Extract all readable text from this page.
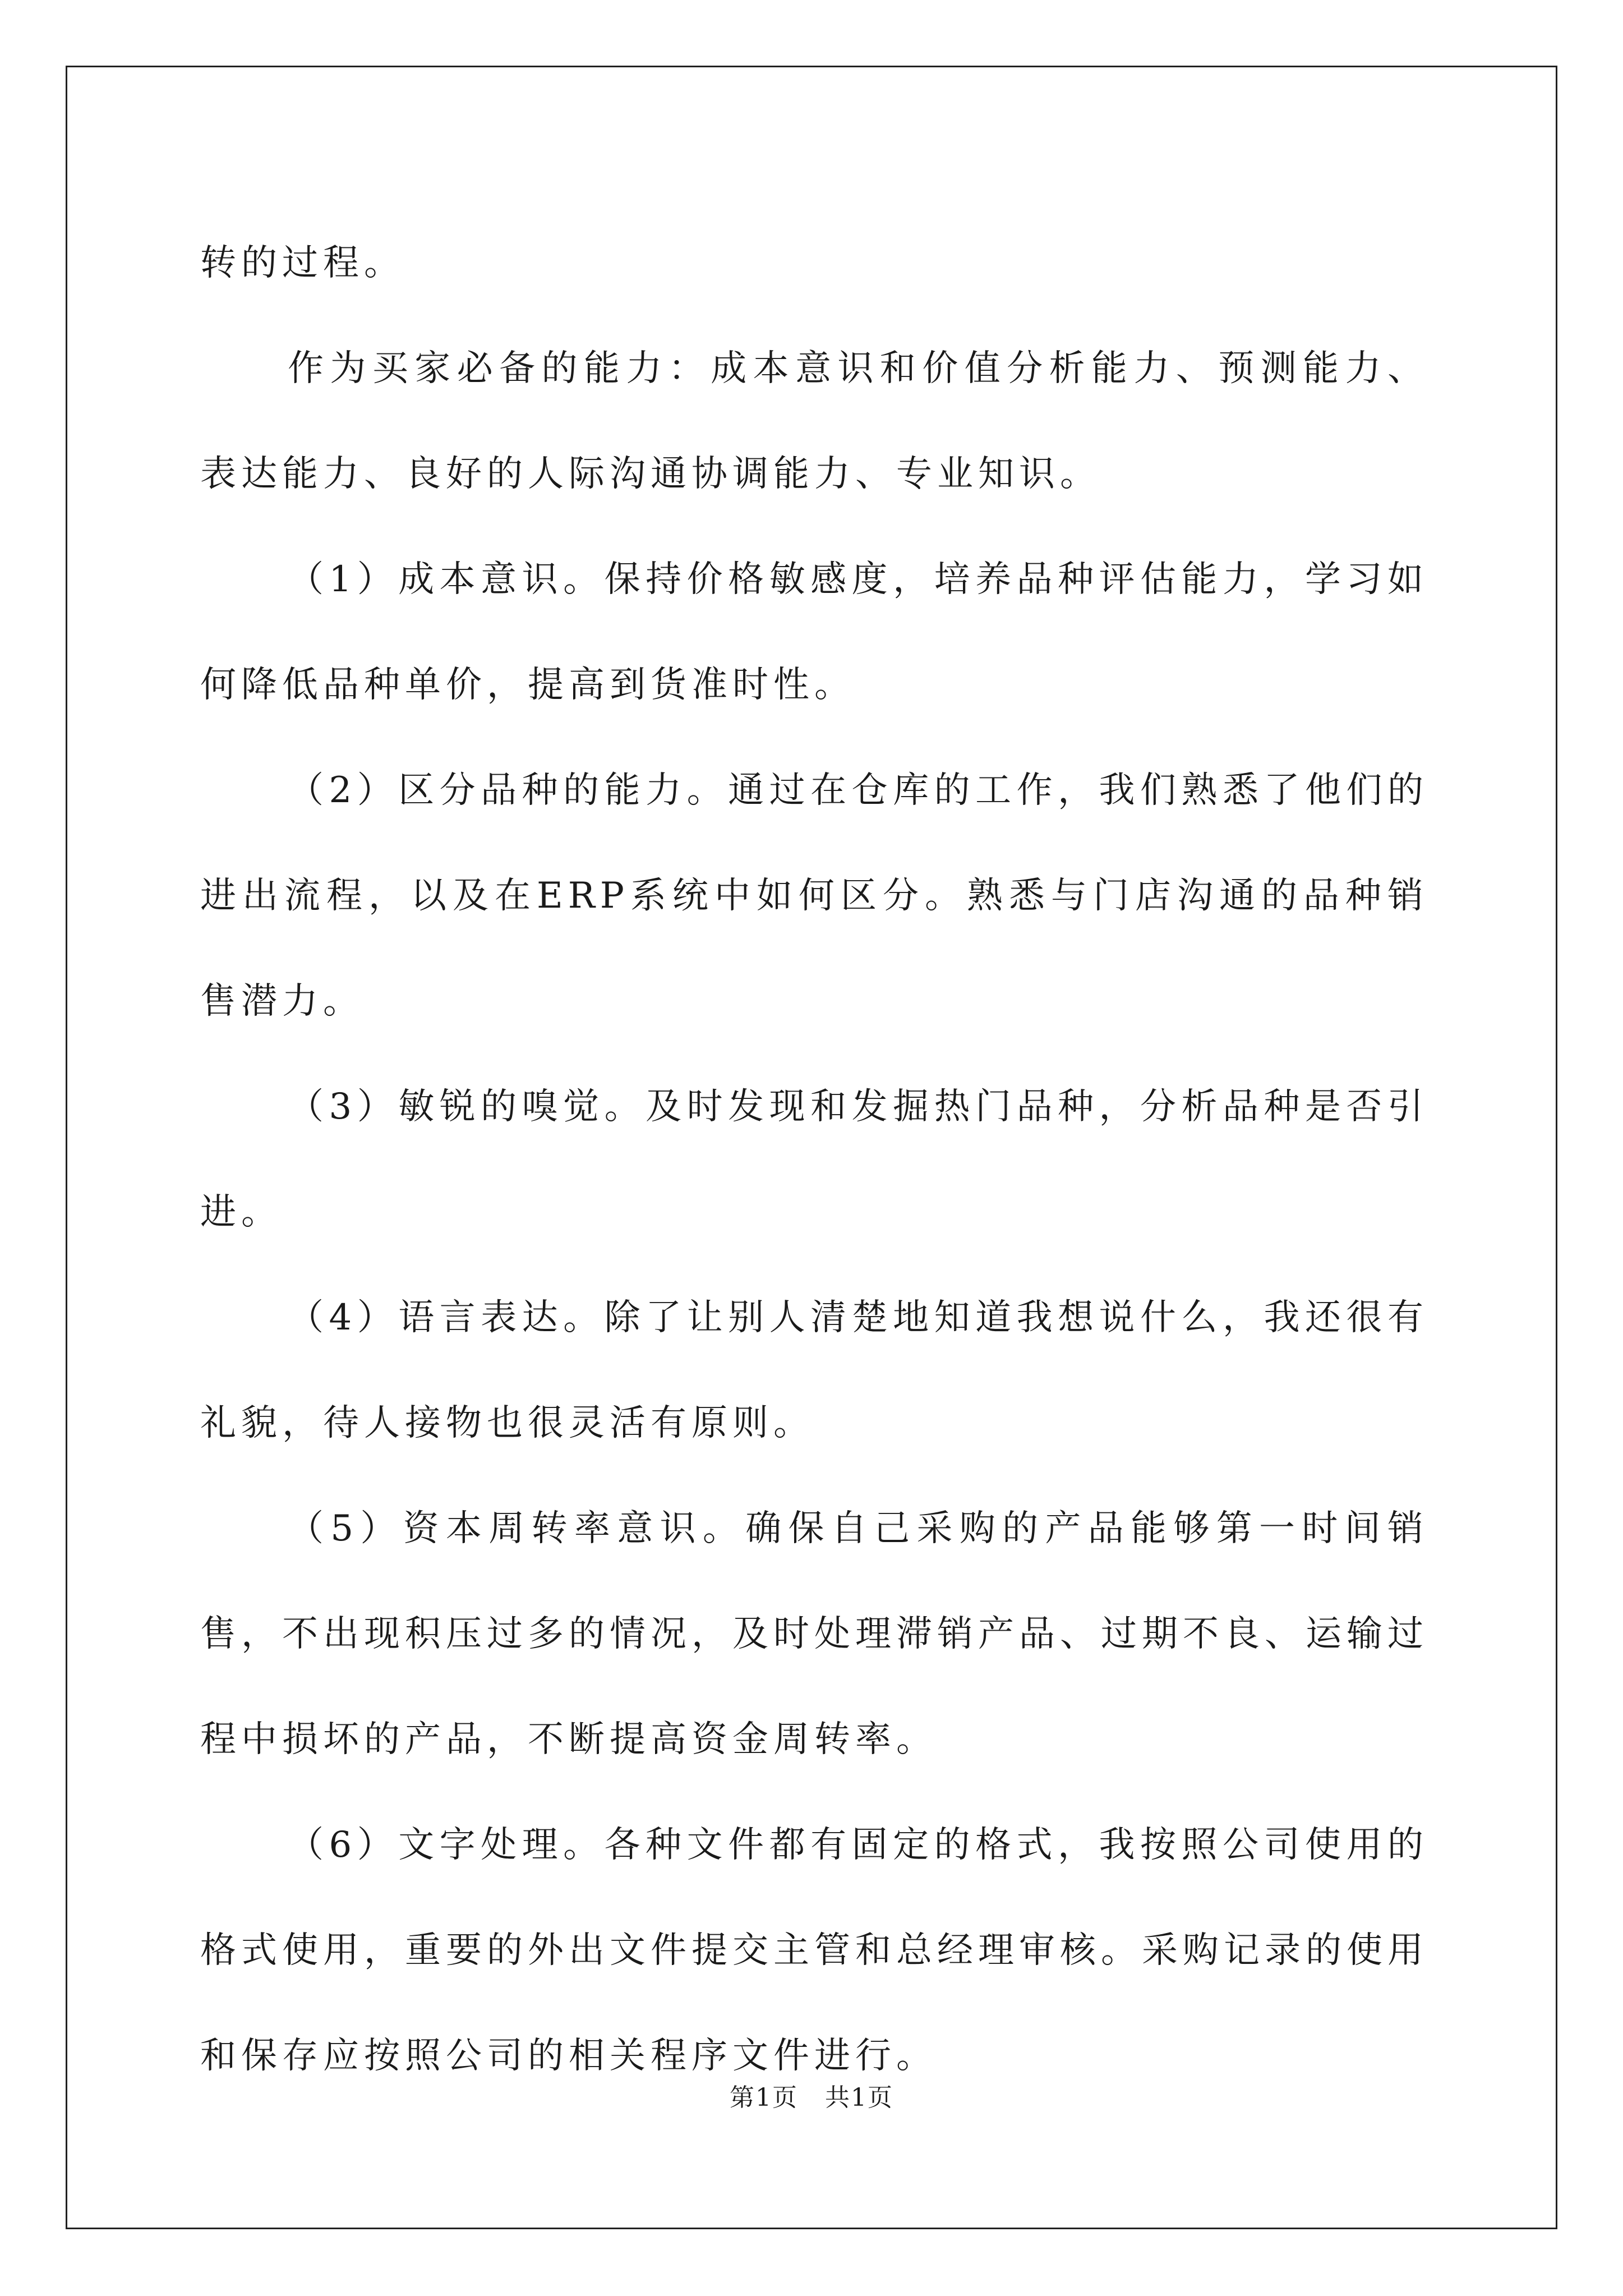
转的过程。

作为买家必备的能力：成本意识和价值分析能力、预测能力、表达能力、良好的人际沟通协调能力、专业知识。

（1）成本意识。保持价格敏感度，培养品种评估能力，学习如何降低品种单价，提高到货准时性。

（2）区分品种的能力。通过在仓库的工作，我们熟悉了他们的进出流程，以及在ERP系统中如何区分。熟悉与门店沟通的品种销售潜力。

（3）敏锐的嗅觉。及时发现和发掘热门品种，分析品种是否引进。

（4）语言表达。除了让别人清楚地知道我想说什么，我还很有礼貌，待人接物也很灵活有原则。

（5）资本周转率意识。确保自己采购的产品能够第一时间销售，不出现积压过多的情况，及时处理滞销产品、过期不良、运输过程中损坏的产品，不断提高资金周转率。

（6）文字处理。各种文件都有固定的格式，我按照公司使用的格式使用，重要的外出文件提交主管和总经理审核。采购记录的使用和保存应按照公司的相关程序文件进行。

第1页   共1页
